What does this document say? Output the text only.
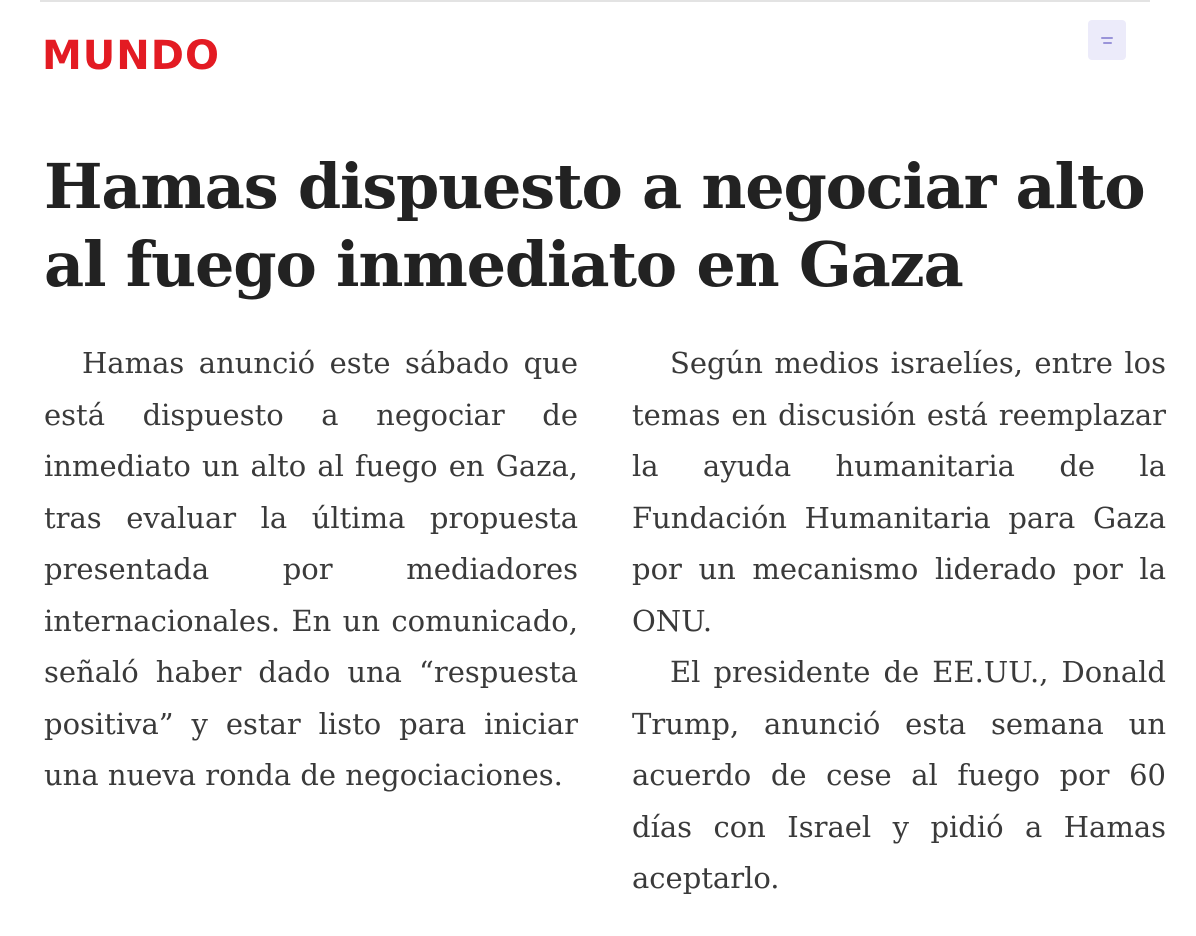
MUNDO
Hamas dispuesto a negociar alto al fuego inmediato en Gaza

Hamas anunció este sábado que está dispuesto a negociar de inmediato un alto al fuego en Gaza, tras evaluar la última propuesta presentada por mediadores internacionales. En un comunicado, señaló haber dado una “respuesta positiva” y estar listo para iniciar una nueva ronda de negociaciones.

Según medios israelíes, entre los temas en discusión está reemplazar la ayuda humanitaria de la Fundación Humanitaria para Gaza por un mecanismo liderado por la ONU.

El presidente de EE.UU., Donald Trump, anunció esta semana un acuerdo de cese al fuego por 60 días con Israel y pidió a Hamas aceptarlo.
